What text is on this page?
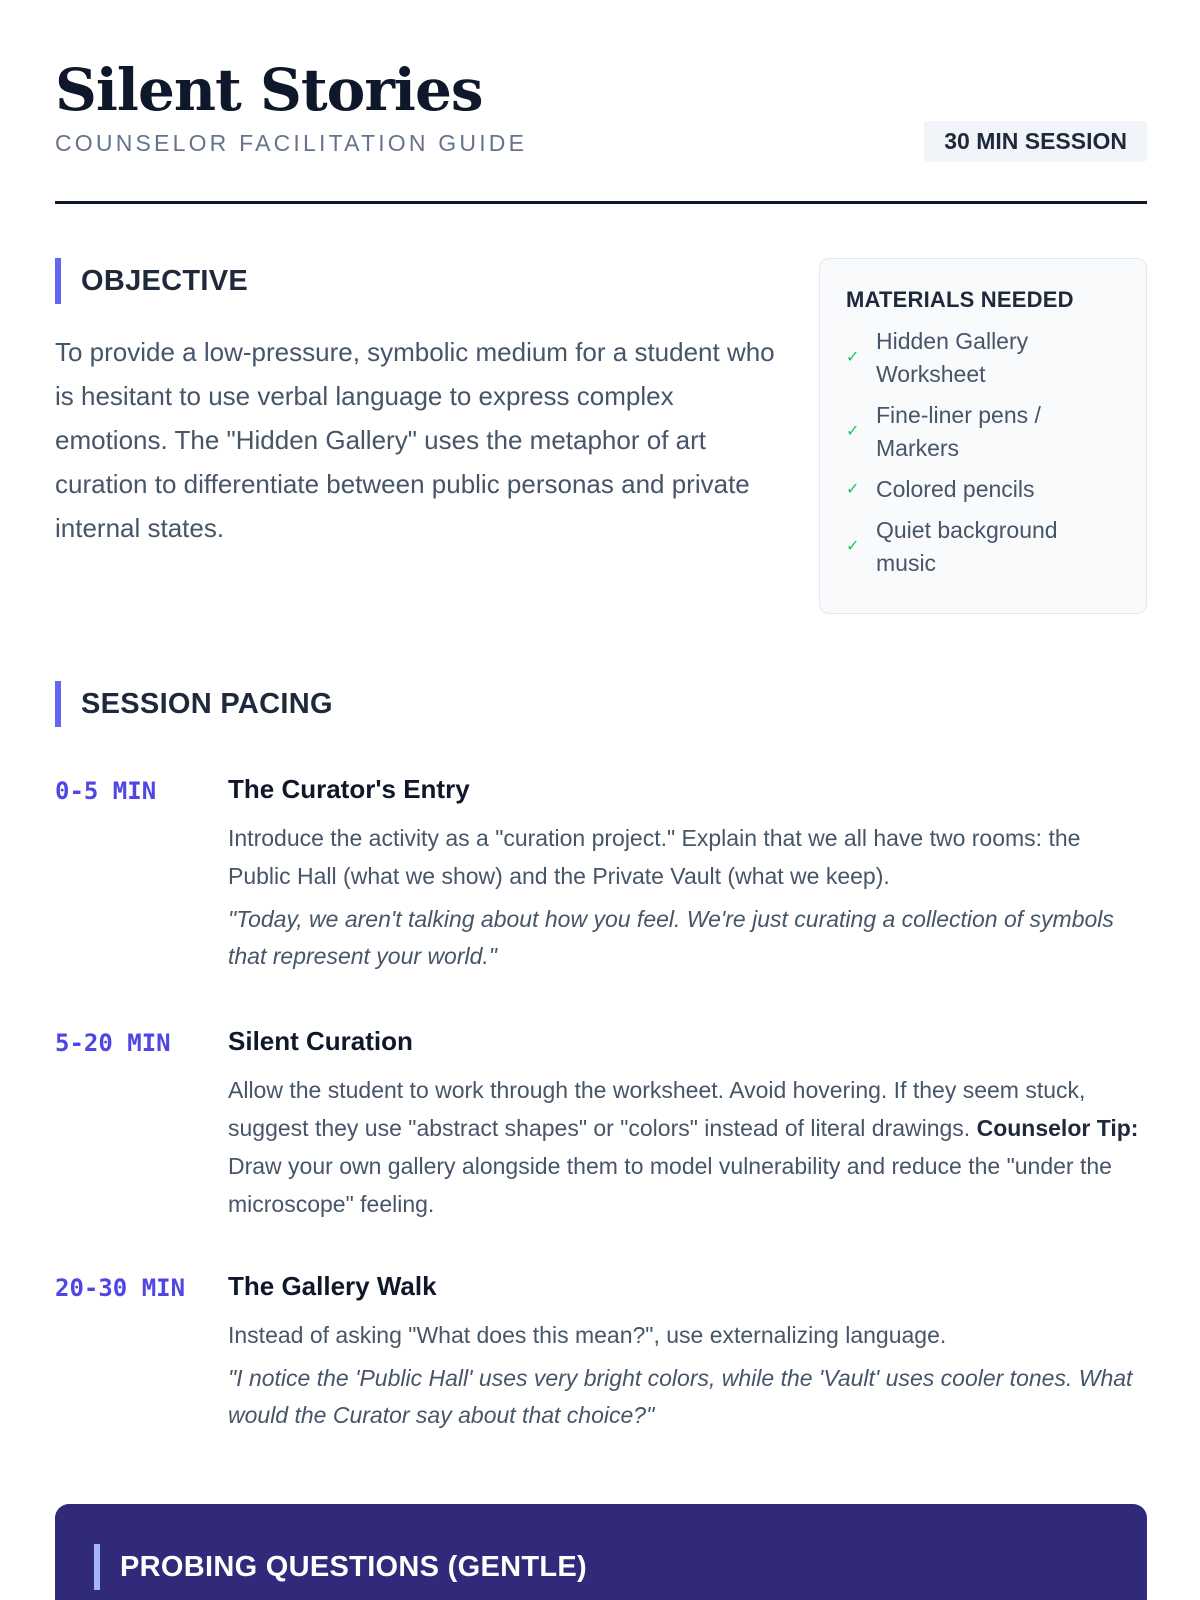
Silent Stories
COUNSELOR FACILITATION GUIDE	30 MIN SESSION
OBJECTIVE
To provide a low-pressure, symbolic medium for a student who is hesitant to use verbal language to express complex emotions. The "Hidden Gallery" uses the metaphor of art curation to differentiate between public personas and private internal states.
MATERIALS NEEDED
✓
Hidden Gallery Worksheet
✓
Fine-liner pens / Markers
✓ Colored pencils
✓
Quiet background music
SESSION PACING
0-5 MIN	The Curator's Entry
Introduce the activity as a "curation project." Explain that we all have two rooms: the Public Hall (what we show) and the Private Vault (what we keep).
"Today, we aren't talking about how you feel. We're just curating a collection of symbols that represent your world."
5-20 MIN	Silent Curation
Allow the student to work through the worksheet. Avoid hovering. If they seem stuck, suggest they use "abstract shapes" or "colors" instead of literal drawings. Counselor Tip: Draw your own gallery alongside them to model vulnerability and reduce the "under the microscope" feeling.
20-30 MIN	The Gallery Walk
Instead of asking "What does this mean?", use externalizing language.
"I notice the 'Public Hall' uses very bright colors, while the 'Vault' uses cooler tones. What would the Curator say about that choice?"
PROBING QUESTIONS (GENTLE)
